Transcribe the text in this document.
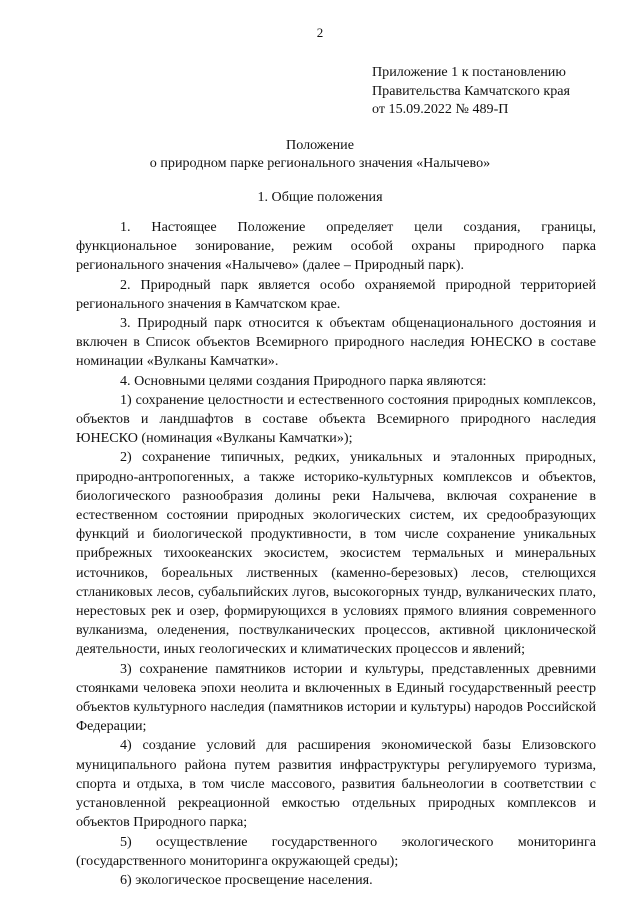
2
Приложение 1 к постановлению
Правительства Камчатского края
от 15.09.2022 № 489-П
Положение
о природном парке регионального значения «Налычево»
1. Общие положения

1. Настоящее Положение определяет цели создания, границы, функциональное зонирование, режим особой охраны природного парка регионального значения «Налычево» (далее – Природный парк).

2. Природный парк является особо охраняемой природной территорией регионального значения в Камчатском крае.

3. Природный парк относится к объектам общенационального достояния и включен в Список объектов Всемирного природного наследия ЮНЕСКО в составе номинации «Вулканы Камчатки».

4. Основными целями создания Природного парка являются:

1) сохранение целостности и естественного состояния природных комплексов, объектов и ландшафтов в составе объекта Всемирного природного наследия ЮНЕСКО (номинация «Вулканы Камчатки»);

2) сохранение типичных, редких, уникальных и эталонных природных, природно-антропогенных, а также историко-культурных комплексов и объектов, биологического разнообразия долины реки Налычева, включая сохранение в естественном состоянии природных экологических систем, их средообразующих функций и биологической продуктивности, в том числе сохранение уникальных прибрежных тихоокеанских экосистем, экосистем термальных и минеральных источников, бореальных лиственных (каменно-березовых) лесов, стелющихся стланиковых лесов, субальпийских лугов, высокогорных тундр, вулканических плато, нерестовых рек и озер, формирующихся в условиях прямого влияния современного вулканизма, оледенения, поствулканических процессов, активной циклонической деятельности, иных геологических и климатических процессов и явлений;

3) сохранение памятников истории и культуры, представленных древними стоянками человека эпохи неолита и включенных в Единый государственный реестр объектов культурного наследия (памятников истории и культуры) народов Российской Федерации;

4) создание условий для расширения экономической базы Елизовского муниципального района путем развития инфраструктуры регулируемого туризма, спорта и отдыха, в том числе массового, развития бальнеологии в соответствии с установленной рекреационной емкостью отдельных природных комплексов и объектов Природного парка;

5) осуществление государственного экологического мониторинга (государственного мониторинга окружающей среды);

6) экологическое просвещение населения.
